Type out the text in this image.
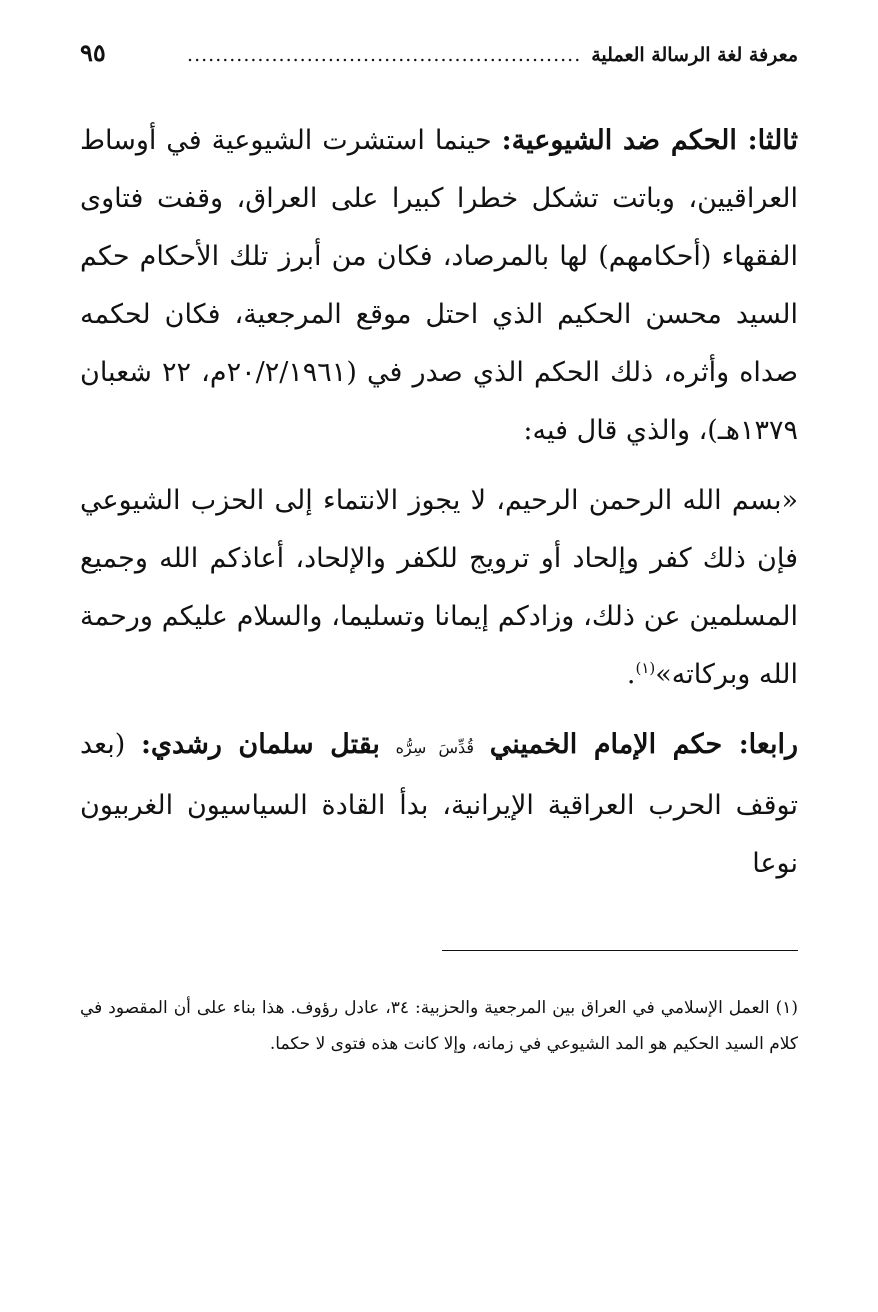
معرفة لغة الرسالة العملية
........................................................
٩٥

ثالثا: الحكم ضد الشيوعية: حينما استشرت الشيوعية في أوساط العراقيين، وباتت تشكل خطرا كبيرا على العراق، وقفت فتاوى الفقهاء (أحكامهم) لها بالمرصاد، فكان من أبرز تلك الأحكام حكم السيد محسن الحكيم الذي احتل موقع المرجعية، فكان لحكمه صداه وأثره، ذلك الحكم الذي صدر في (٢٠/٢/١٩٦١م، ٢٢ شعبان ١٣٧٩هـ)، والذي قال فيه:

«بسم الله الرحمن الرحيم، لا يجوز الانتماء إلى الحزب الشيوعي فإن ذلك كفر وإلحاد أو ترويج للكفر والإلحاد، أعاذكم الله وجميع المسلمين عن ذلك، وزادكم إيمانا وتسليما، والسلام عليكم ورحمة الله وبركاته»$^{(١)}$.

رابعا: حكم الإمام الخميني قُدِّسَ سِرُّه بقتل سلمان رشدي: (بعد توقف الحرب العراقية الإيرانية، بدأ القادة السياسيون الغربيون نوعا

(١) العمل الإسلامي في العراق بين المرجعية والحزبية: ٣٤، عادل رؤوف. هذا بناء على أن المقصود في كلام السيد الحكيم هو المد الشيوعي في زمانه، وإلا كانت هذه فتوى لا حكما.
